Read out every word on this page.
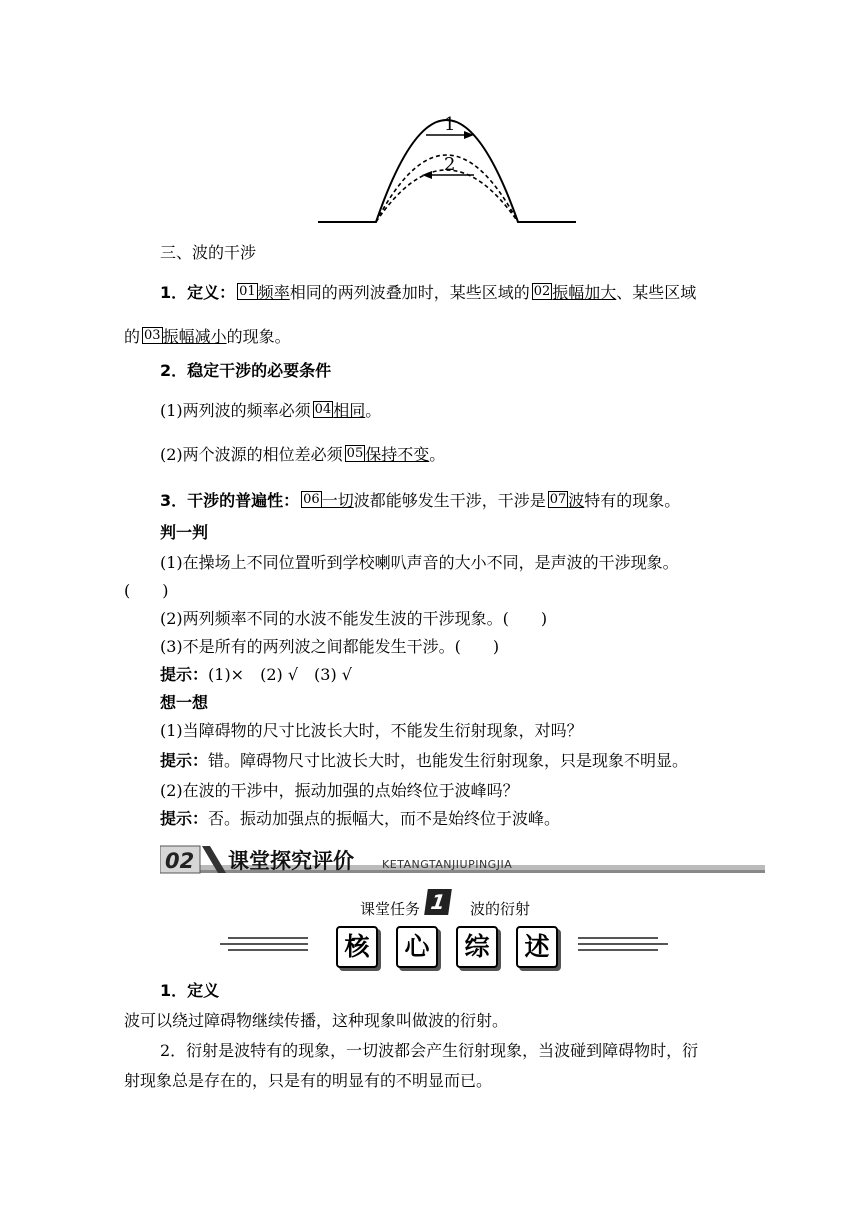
1
2
三、波的干涉
1．定义： 01 频率相同的两列波叠加时，某些区域的 02 振幅加大、某些区域
的 03 振幅减小的现象。
2．稳定干涉的必要条件
(1)两列波的频率必须 04 相同。
(2)两个波源的相位差必须 05 保持不变。
3．干涉的普遍性： 06 一切波都能够发生干涉，干涉是 07 波特有的现象。
判一判
(1)在操场上不同位置听到学校喇叭声音的大小不同，是声波的干涉现象。
(　　)
(2)两列频率不同的水波不能发生波的干涉现象。(　　)
(3)不是所有的两列波之间都能发生干涉。(　　)
提示：(1)×　(2) √　(3) √
想一想
(1)当障碍物的尺寸比波长大时，不能发生衍射现象，对吗？
提示：错。障碍物尺寸比波长大时，也能发生衍射现象，只是现象不明显。
(2)在波的干涉中，振动加强的点始终位于波峰吗？
提示：否。振动加强点的振幅大，而不是始终位于波峰。
02 课堂探究评价	KETANGTANJIUPINGJIA
课堂任务 1	波的衍射
核	心	综	述
1．定义
波可以绕过障碍物继续传播，这种现象叫做波的衍射。
2．衍射是波特有的现象，一切波都会产生衍射现象，当波碰到障碍物时，衍
射现象总是存在的，只是有的明显有的不明显而已。
